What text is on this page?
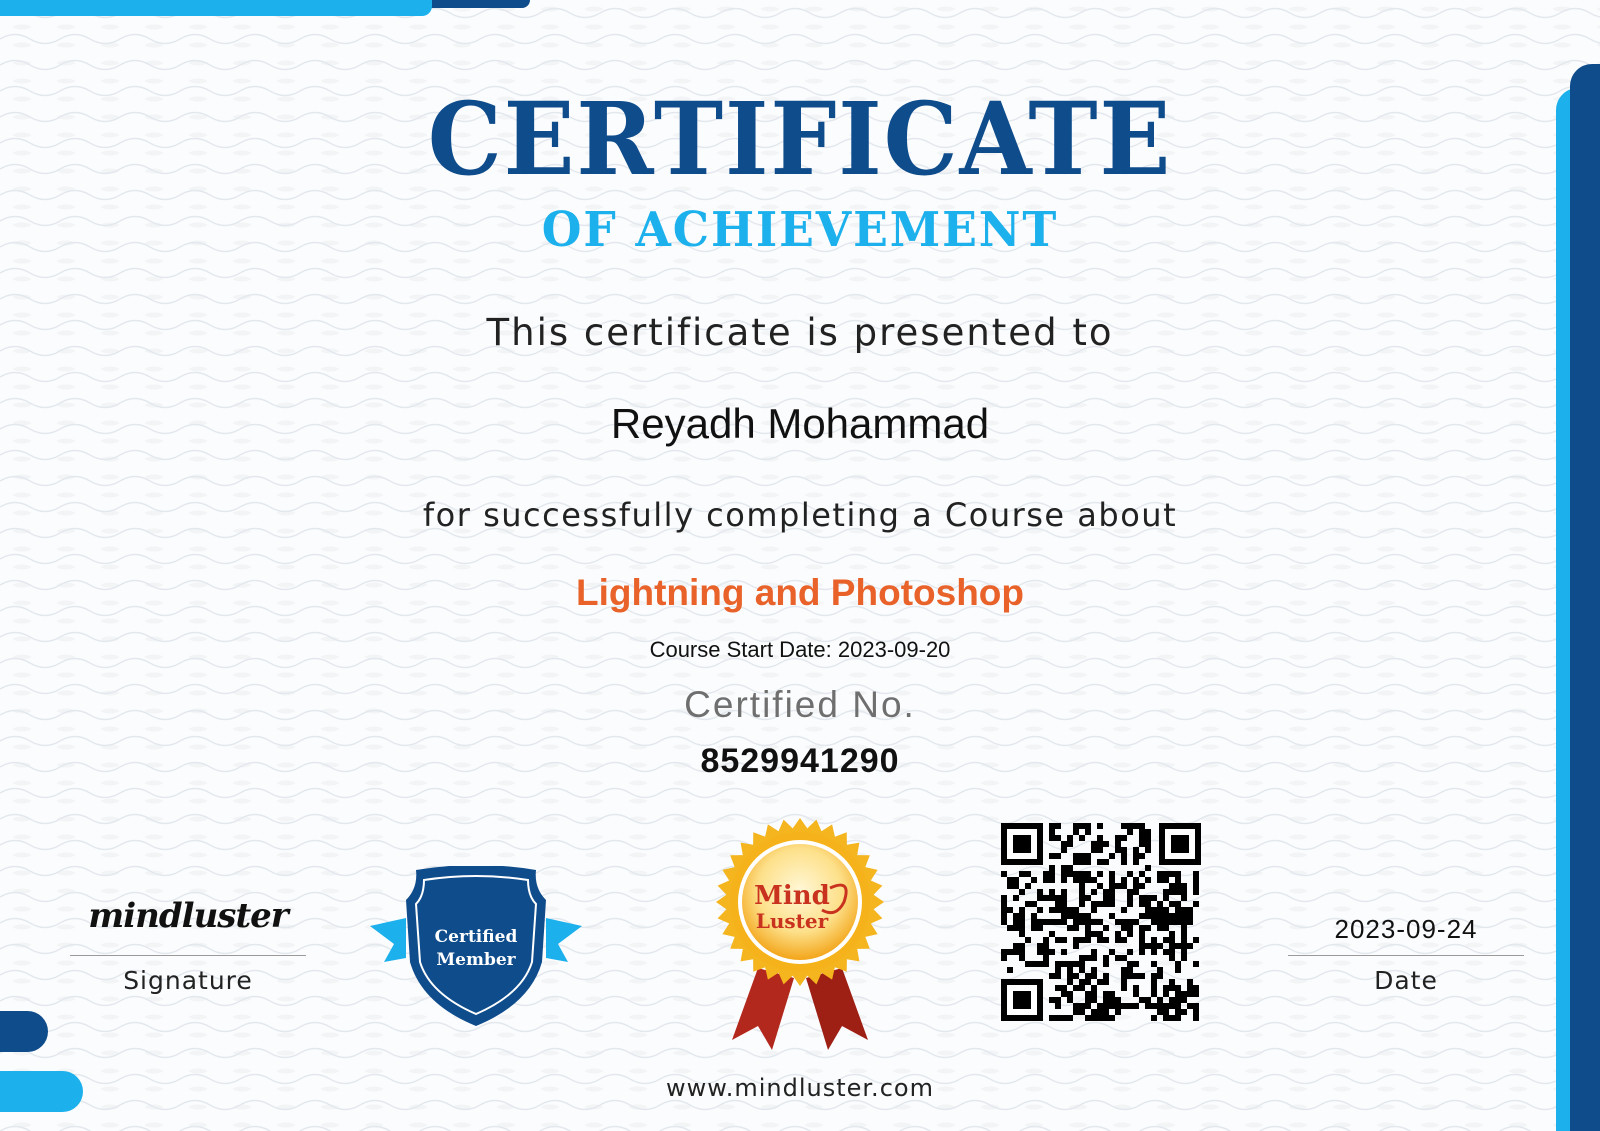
CERTIFICATE
OF ACHIEVEMENT
This certificate is presented to
Reyadh Mohammad
for successfully completing a Course about
Lightning and Photoshop
Course Start Date: 2023-09-20
Certified No.
8529941290
mindluster
Signature
Certified
Member
Mind
Luster	2023-09-24
Date
www.mindluster.com
